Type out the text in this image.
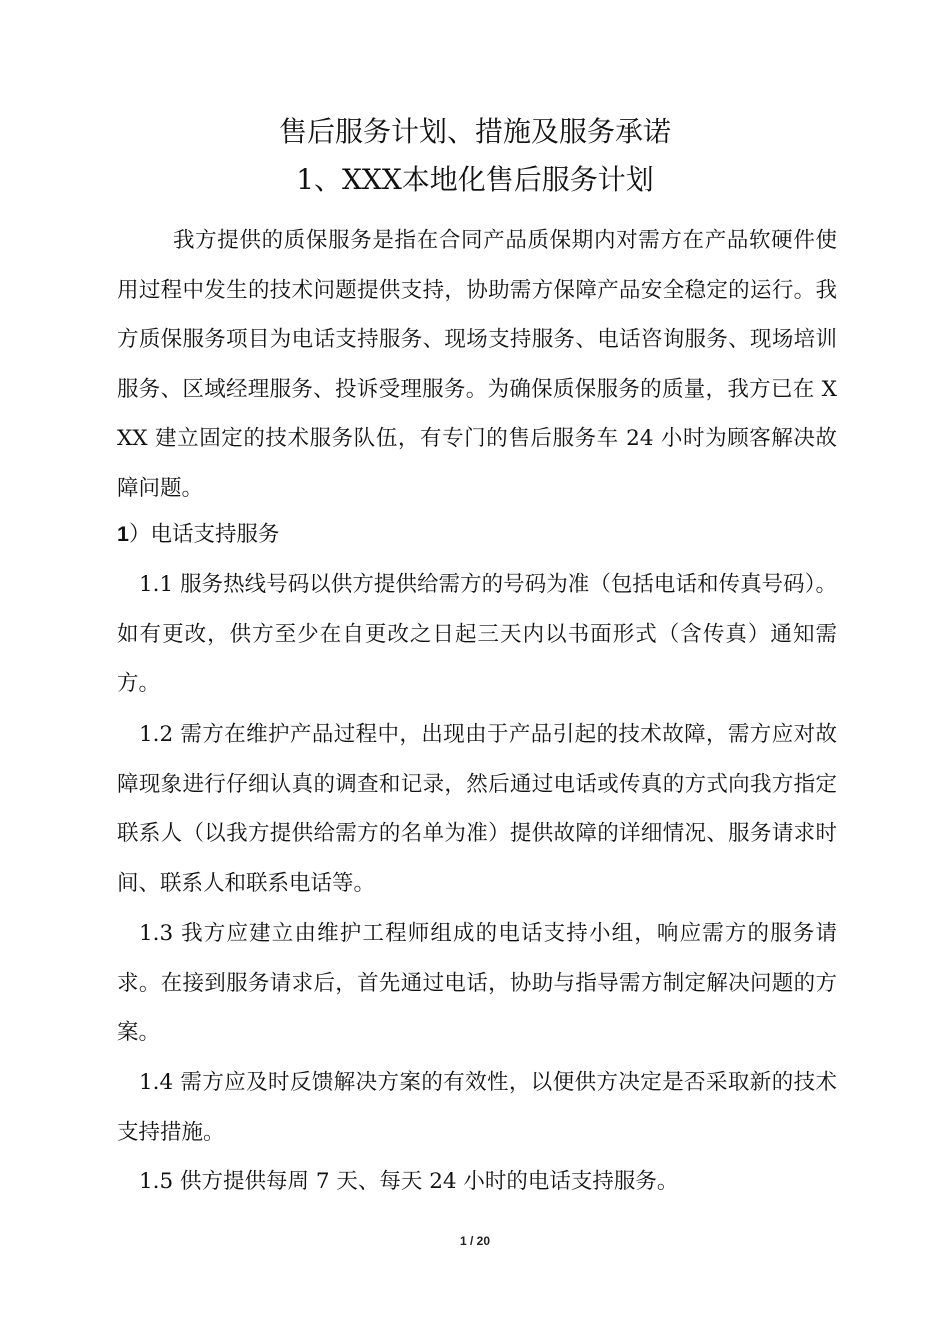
售后服务计划、措施及服务承诺
1、XXX本地化售后服务计划

我方提供的质保服务是指在合同产品质保期内对需方在产品软硬件使用过程中发生的技术问题提供支持，协助需方保障产品安全稳定的运行。我方质保服务项目为电话支持服务、现场支持服务、电话咨询服务、现场培训服务、区域经理服务、投诉受理服务。为确保质保服务的质量，我方已在 XXX 建立固定的技术服务队伍，有专门的售后服务车 24 小时为顾客解决故障问题。

1）电话支持服务

1.1 服务热线号码以供方提供给需方的号码为准（包括电话和传真号码）。如有更改，供方至少在自更改之日起三天内以书面形式（含传真）通知需方。

1.2 需方在维护产品过程中，出现由于产品引起的技术故障，需方应对故障现象进行仔细认真的调查和记录，然后通过电话或传真的方式向我方指定联系人（以我方提供给需方的名单为准）提供故障的详细情况、服务请求时间、联系人和联系电话等。

1.3 我方应建立由维护工程师组成的电话支持小组，响应需方的服务请求。在接到服务请求后，首先通过电话，协助与指导需方制定解决问题的方案。

1.4 需方应及时反馈解决方案的有效性，以便供方决定是否采取新的技术支持措施。

1.5 供方提供每周 7 天、每天 24 小时的电话支持服务。

1 / 20
